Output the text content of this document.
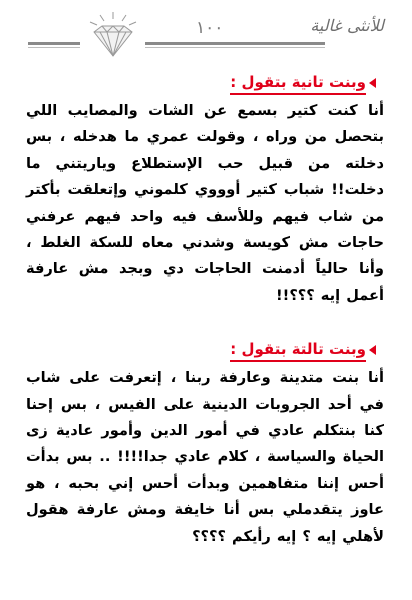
١٠٠	للأنثى غالية
وبنت تانية بتقول :

أنا كنت كتير بسمع عن الشات والمصايب اللي بتحصل من وراه ، وقولت عمري ما هدخله ، بس دخلته من قبيل حب الإستطلاع وياريتني ما دخلت!! شباب كتير أوووي كلموني وإتعلقت بأكتر من شاب فيهم وللأسف فيه واحد فيهم عرفني حاجات مش كويسة وشدني معاه للسكة الغلط ، وأنا حالياً أدمنت الحاجات دي وبجد مش عارفة أعمل إيه ؟؟؟!!

وبنت تالتة بتقول :

أنا بنت متدينة وعارفة ربنا ، إتعرفت على شاب في أحد الجروبات الدينية على الفيس ، بس إحنا كنا بنتكلم عادي في أمور الدين وأمور عادية زى الحياة والسياسة ، كلام عادي جدا!!!! .. بس بدأت أحس إننا متفاهمين وبدأت أحس إني بحبه ، هو عاوز يتقدملي بس أنا خايفة ومش عارفة هقول لأهلي إيه ؟ إيه رأيكم ؟؟؟؟
